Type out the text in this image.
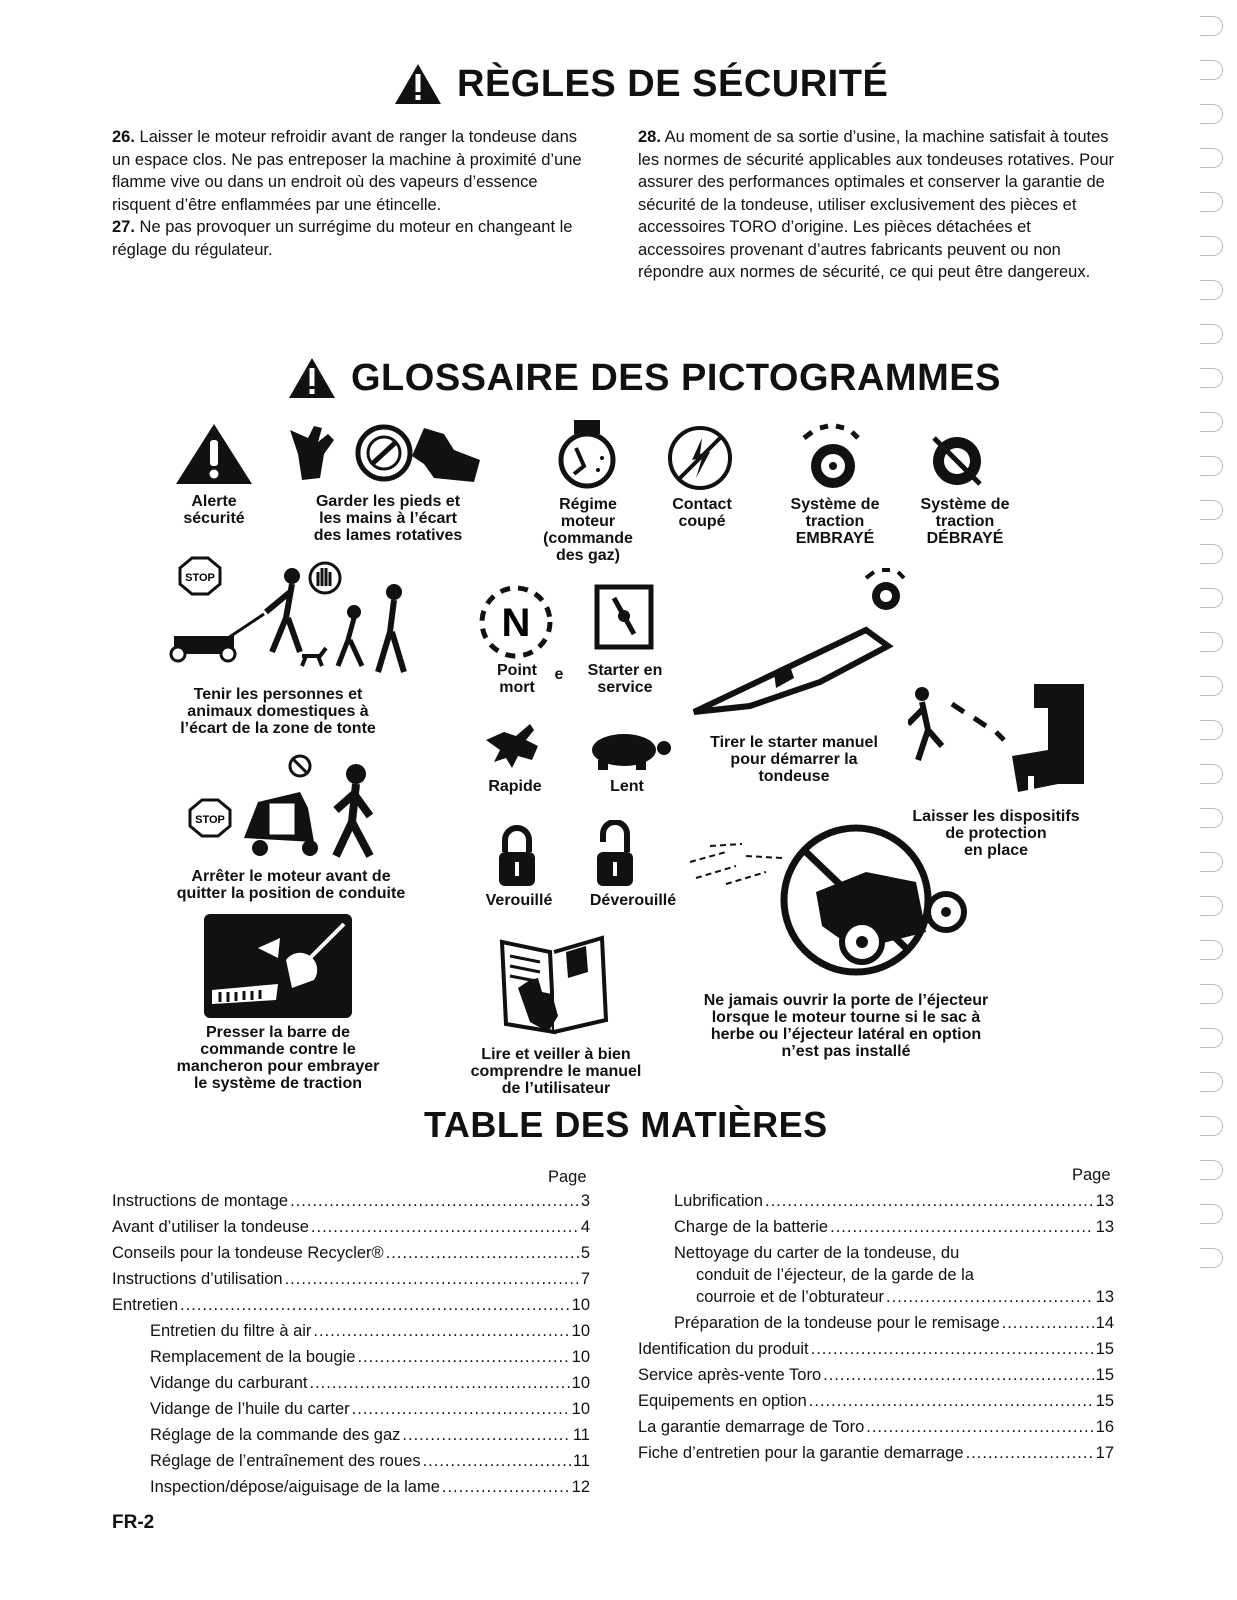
RÈGLES DE SÉCURITÉ

26. Laisser le moteur refroidir avant de ranger la tondeuse dans un espace clos. Ne pas entreposer la machine à proximité d’une flamme vive ou dans un endroit où des vapeurs d’essence risquent d’être enflammées par une étincelle.

27. Ne pas provoquer un surrégime du moteur en changeant le réglage du régulateur.

28. Au moment de sa sortie d’usine, la machine satisfait à toutes les normes de sécurité applicables aux tondeuses rotatives. Pour assurer des performances optimales et conserver la garantie de sécurité de la tondeuse, utiliser exclusivement des pièces et accessoires TORO d’origine. Les pièces détachées et accessoires provenant d’autres fabricants peuvent ou non répondre aux normes de sécurité, ce qui peut être dangereux.

GLOSSAIRE DES PICTOGRAMMES
Alerte
sécurité
Garder les pieds et
les mains à l’écart
des lames rotatives
Régime
moteur
(commande
des gaz)
Contact
coupé
Système de
traction
EMBRAYÉ
Système de
traction
DÉBRAYÉ
STOP
Tenir les personnes et
animaux domestiques à
l’écart de la zone de tonte
N
Point
mort
e	Starter en
service
Rapide	Lent
Tirer le starter manuel
pour démarrer la
tondeuse
Laisser les dispositifs
de protection
en place
STOP
Arrêter le moteur avant de
quitter la position de conduite	Verouillé	Déverouillé
Ne jamais ouvrir la porte de l’éjecteur
lorsque le moteur tourne si le sac à
herbe ou l’éjecteur latéral en option
n’est pas installé
Presser la barre de
commande contre le
mancheron pour embrayer
le système de traction
Lire et veiller à bien
comprendre le manuel
de l’utilisateur
TABLE DES MATIÈRES
Page	Page
Instructions de montage .....	3
Avant d’utiliser la tondeuse .....	4
Conseils pour la tondeuse Recycler® .....	5
Instructions d’utilisation .....	7
Entretien .....	10
Entretien du filtre à air .....	10
Remplacement de la bougie .....	10
Vidange du carburant .....	10
Vidange de l’huile du carter .....	10
Réglage de la commande des gaz .....	11
Réglage de l’entraînement des roues .....	11
Inspection/dépose/aiguisage de la lame .....	12
Lubrification .....	13
Charge de la batterie .....	13
Nettoyage du carter de la tondeuse, du
conduit de l’éjecteur, de la garde de la
courroie et de l’obturateur .....	13
Préparation de la tondeuse pour le remisage .....	14
Identification du produit .....	15
Service après-vente Toro .....	15
Equipements en option .....	15
La garantie demarrage de Toro .....	16
Fiche d’entretien pour la garantie demarrage .....	17
FR-2
